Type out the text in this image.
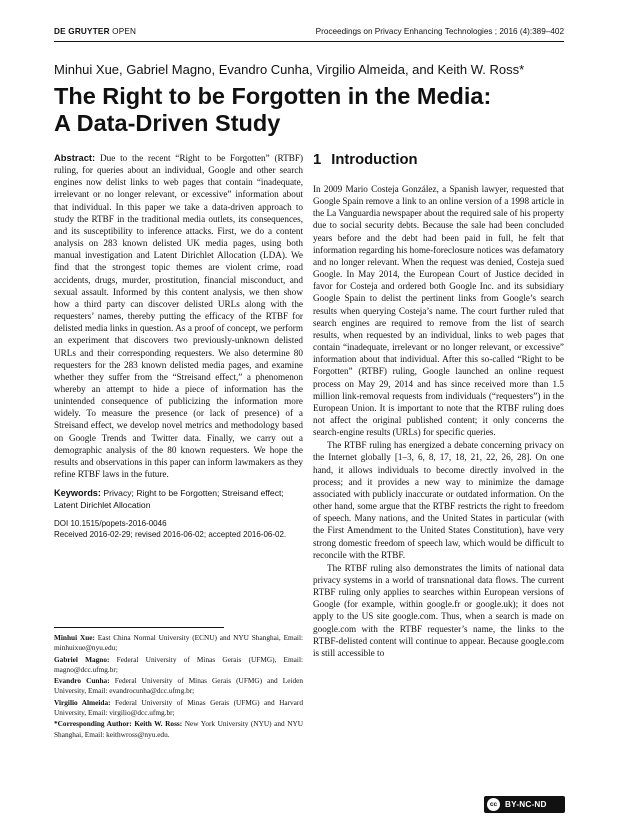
DE GRUYTER OPEN	Proceedings on Privacy Enhancing Technologies ; 2016 (4):389–402
Minhui Xue, Gabriel Magno, Evandro Cunha, Virgilio Almeida, and Keith W. Ross*
The Right to be Forgotten in the Media:
A Data-Driven Study

Abstract: Due to the recent “Right to be Forgotten” (RTBF) ruling, for queries about an individual, Google and other search engines now delist links to web pages that contain “inadequate, irrelevant or no longer relevant, or excessive” information about that individual. In this paper we take a data-driven approach to study the RTBF in the traditional media outlets, its consequences, and its susceptibility to inference attacks. First, we do a content analysis on 283 known delisted UK media pages, using both manual investigation and Latent Dirichlet Allocation (LDA). We find that the strongest topic themes are violent crime, road accidents, drugs, murder, prostitution, financial misconduct, and sexual assault. Informed by this content analysis, we then show how a third party can discover delisted URLs along with the requesters’ names, thereby putting the efficacy of the RTBF for delisted media links in question. As a proof of concept, we perform an experiment that discovers two previously-unknown delisted URLs and their corresponding requesters. We also determine 80 requesters for the 283 known delisted media pages, and examine whether they suffer from the “Streisand effect,” a phenomenon whereby an attempt to hide a piece of information has the unintended consequence of publicizing the information more widely. To measure the presence (or lack of presence) of a Streisand effect, we develop novel metrics and methodology based on Google Trends and Twitter data. Finally, we carry out a demographic analysis of the 80 known requesters. We hope the results and observations in this paper can inform lawmakers as they refine RTBF laws in the future.

Keywords: Privacy; Right to be Forgotten; Streisand effect; Latent Dirichlet Allocation

DOI 10.1515/popets-2016-0046
Received 2016-02-29; revised 2016-06-02; accepted 2016-06-02.

Minhui Xue: East China Normal University (ECNU) and NYU Shanghai, Email: minhuixue@nyu.edu;

Gabriel Magno: Federal University of Minas Gerais (UFMG), Email: magno@dcc.ufmg.br;

Evandro Cunha: Federal University of Minas Gerais (UFMG) and Leiden University, Email: evandrocunha@dcc.ufmg.br;

Virgilio Almeida: Federal University of Minas Gerais (UFMG) and Harvard University, Email: virgilio@dcc.ufmg.br;

*Corresponding Author: Keith W. Ross: New York University (NYU) and NYU Shanghai, Email: keithwross@nyu.edu.

1 Introduction

In 2009 Mario Costeja González, a Spanish lawyer, requested that Google Spain remove a link to an online version of a 1998 article in the La Vanguardia newspaper about the required sale of his property due to social security debts. Because the sale had been concluded years before and the debt had been paid in full, he felt that information regarding his home-foreclosure notices was defamatory and no longer relevant. When the request was denied, Costeja sued Google. In May 2014, the European Court of Justice decided in favor for Costeja and ordered both Google Inc. and its subsidiary Google Spain to delist the pertinent links from Google’s search results when querying Costeja’s name. The court further ruled that search engines are required to remove from the list of search results, when requested by an individual, links to web pages that contain “inadequate, irrelevant or no longer relevant, or excessive” information about that individual. After this so-called “Right to be Forgotten” (RTBF) ruling, Google launched an online request process on May 29, 2014 and has since received more than 1.5 million link-removal requests from individuals (“requesters”) in the European Union. It is important to note that the RTBF ruling does not affect the original published content; it only concerns the search-engine results (URLs) for specific queries.

The RTBF ruling has energized a debate concerning privacy on the Internet globally [1–3, 6, 8, 17, 18, 21, 22, 26, 28]. On one hand, it allows individuals to become directly involved in the process; and it provides a new way to minimize the damage associated with publicly inaccurate or outdated information. On the other hand, some argue that the RTBF restricts the right to freedom of speech. Many nations, and the United States in particular (with the First Amendment to the United States Constitution), have very strong domestic freedom of speech law, which would be difficult to reconcile with the RTBF.

The RTBF ruling also demonstrates the limits of national data privacy systems in a world of transnational data flows. The current RTBF ruling only applies to searches within European versions of Google (for example, within google.fr or google.uk); it does not apply to the US site google.com. Thus, when a search is made on google.com with the RTBF requester’s name, the links to the RTBF-delisted content will continue to appear. Because google.com is still accessible to

cc BY-NC-ND
